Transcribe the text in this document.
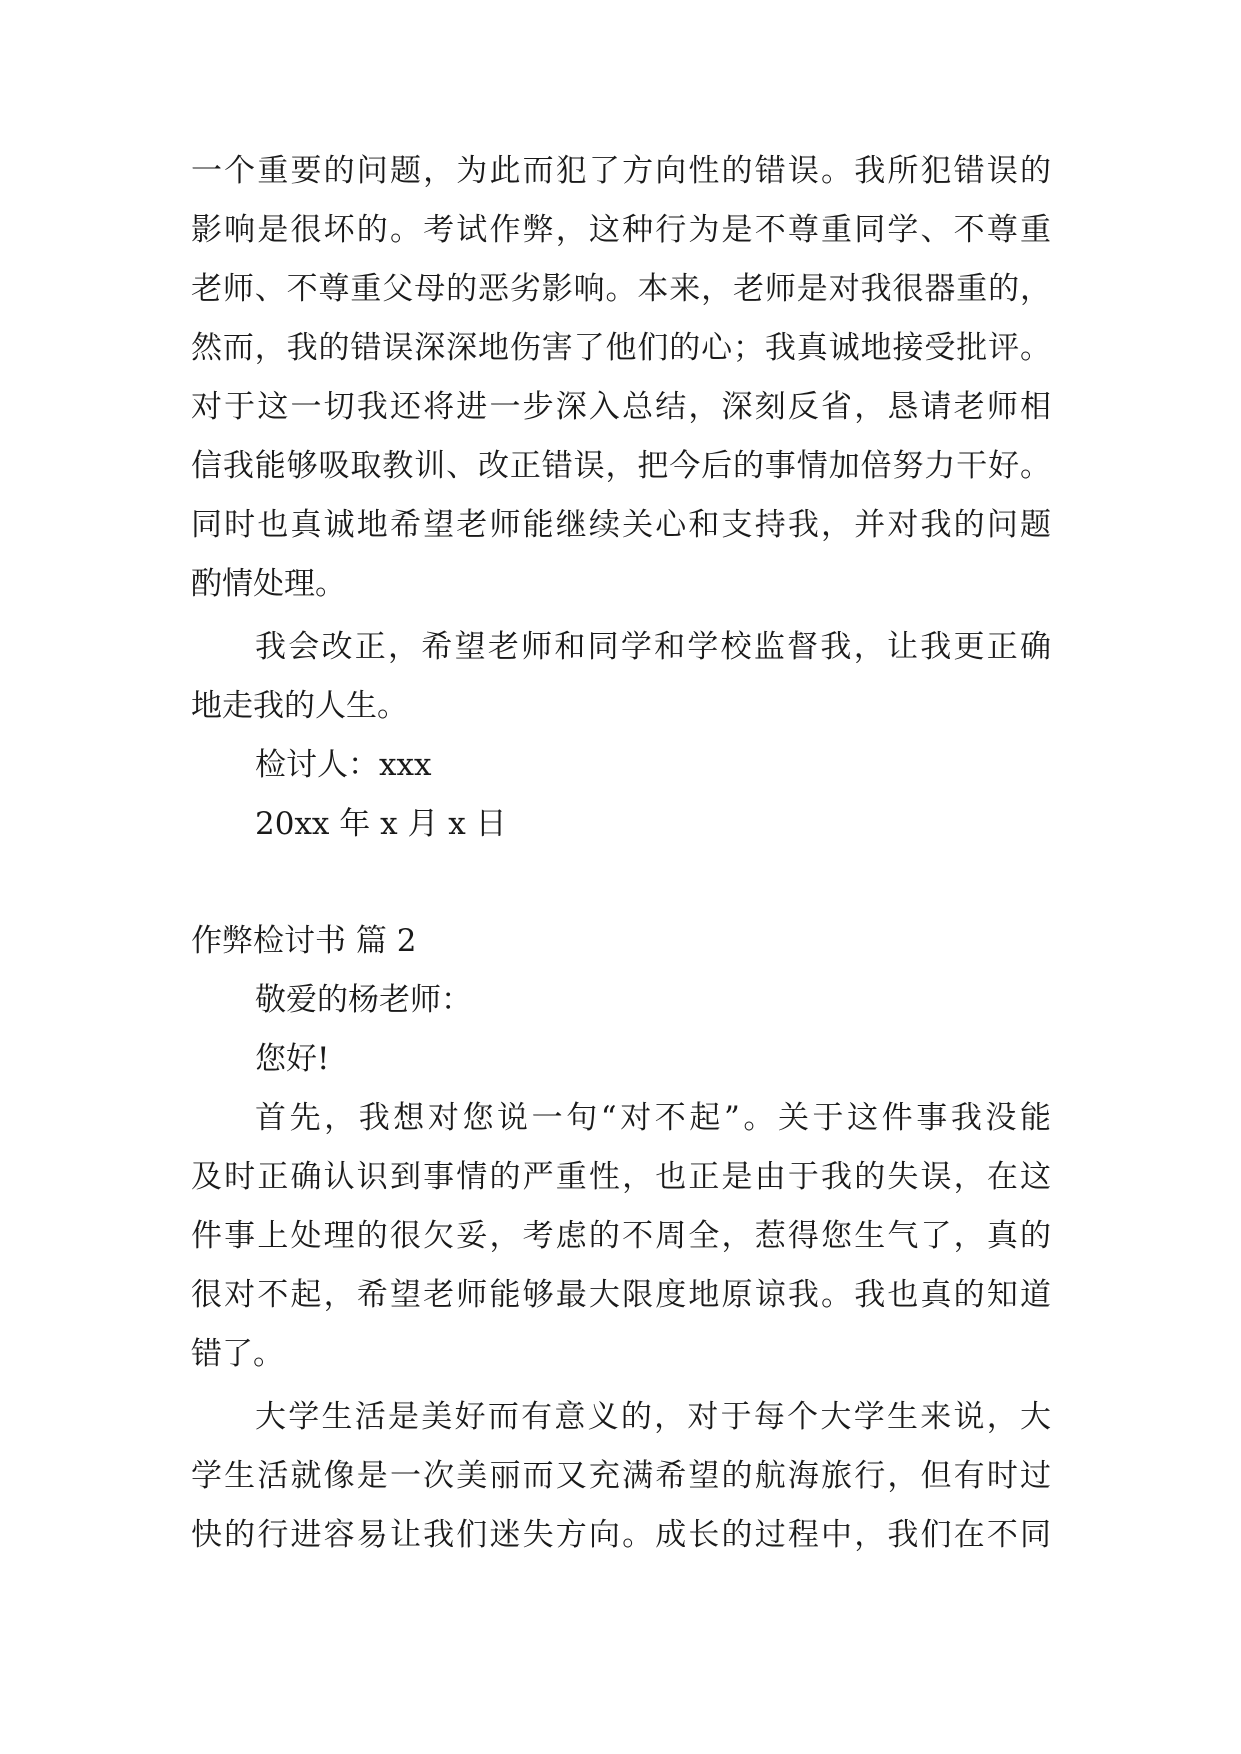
一个重要的问题，为此而犯了方向性的错误。我所犯错误的
影响是很坏的。考试作弊，这种行为是不尊重同学、不尊重
老师、不尊重父母的恶劣影响。本来，老师是对我很器重的，
然而，我的错误深深地伤害了他们的心；我真诚地接受批评。
对于这一切我还将进一步深入总结，深刻反省，恳请老师相
信我能够吸取教训、改正错误，把今后的事情加倍努力干好。
同时也真诚地希望老师能继续关心和支持我，并对我的问题
酌情处理。
我会改正，希望老师和同学和学校监督我，让我更正确
地走我的人生。
检讨人：xxx
20xx 年 x 月 x 日
作弊检讨书 篇 2
敬爱的杨老师：
您好!
首先，我想对您说一句“对不起”。关于这件事我没能
及时正确认识到事情的严重性，也正是由于我的失误，在这
件事上处理的很欠妥，考虑的不周全，惹得您生气了，真的
很对不起，希望老师能够最大限度地原谅我。我也真的知道
错了。
大学生活是美好而有意义的，对于每个大学生来说，大
学生活就像是一次美丽而又充满希望的航海旅行，但有时过
快的行进容易让我们迷失方向。成长的过程中，我们在不同
